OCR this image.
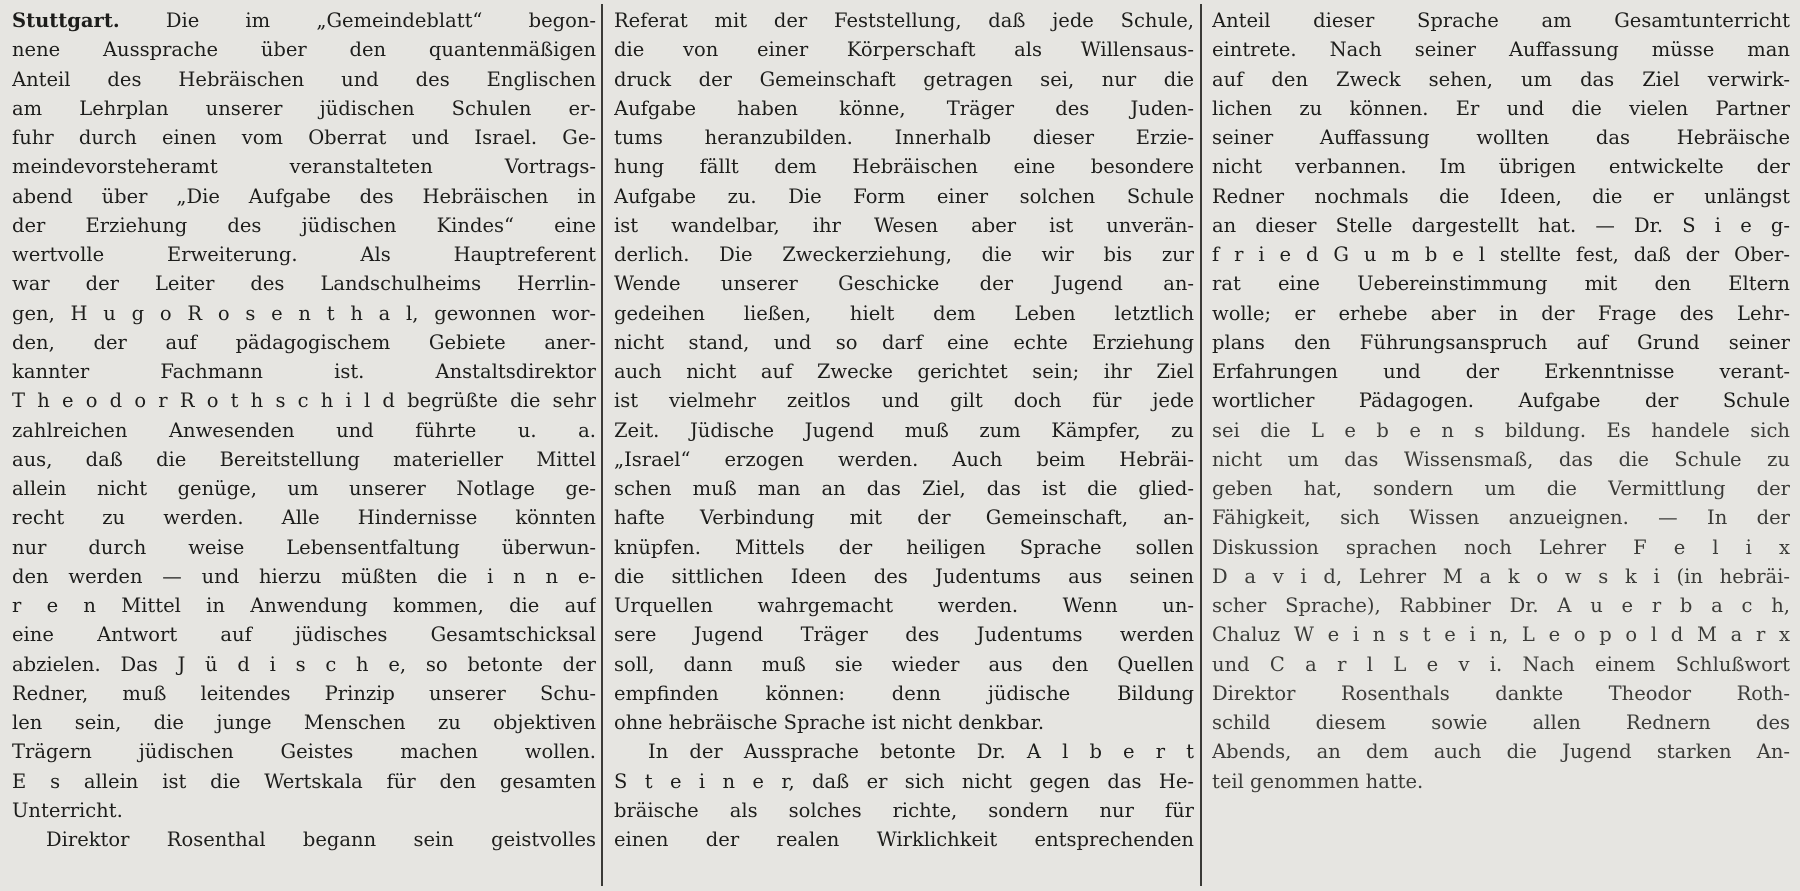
Stuttgart. Die im „Gemeindeblatt“ begon-
nene Aussprache über den quantenmäßigen
Anteil des Hebräischen und des Englischen
am Lehrplan unserer jüdischen Schulen er-
fuhr durch einen vom Oberrat und Israel. Ge-
meindevorsteheramt veranstalteten Vortrags-
abend über „Die Aufgabe des Hebräischen in
der Erziehung des jüdischen Kindes“ eine
wertvolle Erweiterung. Als Hauptreferent
war der Leiter des Landschulheims Herrlin-
gen, H u g o R o s e n t h a l, gewonnen wor-
den, der auf pädagogischem Gebiete aner-
kannter Fachmann ist. Anstaltsdirektor
T h e o d o r R o t h s c h i l d begrüßte die sehr
zahlreichen Anwesenden und führte u. a.
aus, daß die Bereitstellung materieller Mittel
allein nicht genüge, um unserer Notlage ge-
recht zu werden. Alle Hindernisse könnten
nur durch weise Lebensentfaltung überwun-
den werden — und hierzu müßten die i n n e-
r e n Mittel in Anwendung kommen, die auf
eine Antwort auf jüdisches Gesamtschicksal
abzielen. Das J ü d i s c h e, so betonte der
Redner, muß leitendes Prinzip unserer Schu-
len sein, die junge Menschen zu objektiven
Trägern jüdischen Geistes machen wollen.
E s allein ist die Wertskala für den gesamten
Unterricht.
Direktor Rosenthal begann sein geistvolles
Referat mit der Feststellung, daß jede Schule,
die von einer Körperschaft als Willensaus-
druck der Gemeinschaft getragen sei, nur die
Aufgabe haben könne, Träger des Juden-
tums heranzubilden. Innerhalb dieser Erzie-
hung fällt dem Hebräischen eine besondere
Aufgabe zu. Die Form einer solchen Schule
ist wandelbar, ihr Wesen aber ist unverän-
derlich. Die Zweckerziehung, die wir bis zur
Wende unserer Geschicke der Jugend an-
gedeihen ließen, hielt dem Leben letztlich
nicht stand, und so darf eine echte Erziehung
auch nicht auf Zwecke gerichtet sein; ihr Ziel
ist vielmehr zeitlos und gilt doch für jede
Zeit. Jüdische Jugend muß zum Kämpfer, zu
„Israel“ erzogen werden. Auch beim Hebräi-
schen muß man an das Ziel, das ist die glied-
hafte Verbindung mit der Gemeinschaft, an-
knüpfen. Mittels der heiligen Sprache sollen
die sittlichen Ideen des Judentums aus seinen
Urquellen wahrgemacht werden. Wenn un-
sere Jugend Träger des Judentums werden
soll, dann muß sie wieder aus den Quellen
empfinden können: denn jüdische Bildung
ohne hebräische Sprache ist nicht denkbar.
In der Aussprache betonte Dr. A l b e r t
S t e i n e r, daß er sich nicht gegen das He-
bräische als solches richte, sondern nur für
einen der realen Wirklichkeit entsprechenden
Anteil dieser Sprache am Gesamtunterricht
eintrete. Nach seiner Auffassung müsse man
auf den Zweck sehen, um das Ziel verwirk-
lichen zu können. Er und die vielen Partner
seiner Auffassung wollten das Hebräische
nicht verbannen. Im übrigen entwickelte der
Redner nochmals die Ideen, die er unlängst
an dieser Stelle dargestellt hat. — Dr. S i e g-
f r i e d G u m b e l stellte fest, daß der Ober-
rat eine Uebereinstimmung mit den Eltern
wolle; er erhebe aber in der Frage des Lehr-
plans den Führungsanspruch auf Grund seiner
Erfahrungen und der Erkenntnisse verant-
wortlicher Pädagogen. Aufgabe der Schule
sei die L e b e n s bildung. Es handele sich
nicht um das Wissensmaß, das die Schule zu
geben hat, sondern um die Vermittlung der
Fähigkeit, sich Wissen anzueignen. — In der
Diskussion sprachen noch Lehrer F e l i x
D a v i d, Lehrer M a k o w s k i (in hebräi-
scher Sprache), Rabbiner Dr. A u e r b a c h,
Chaluz W e i n s t e i n, L e o p o l d M a r x
und C a r l L e v i. Nach einem Schlußwort
Direktor Rosenthals dankte Theodor Roth-
schild diesem sowie allen Rednern des
Abends, an dem auch die Jugend starken An-
teil genommen hatte.
